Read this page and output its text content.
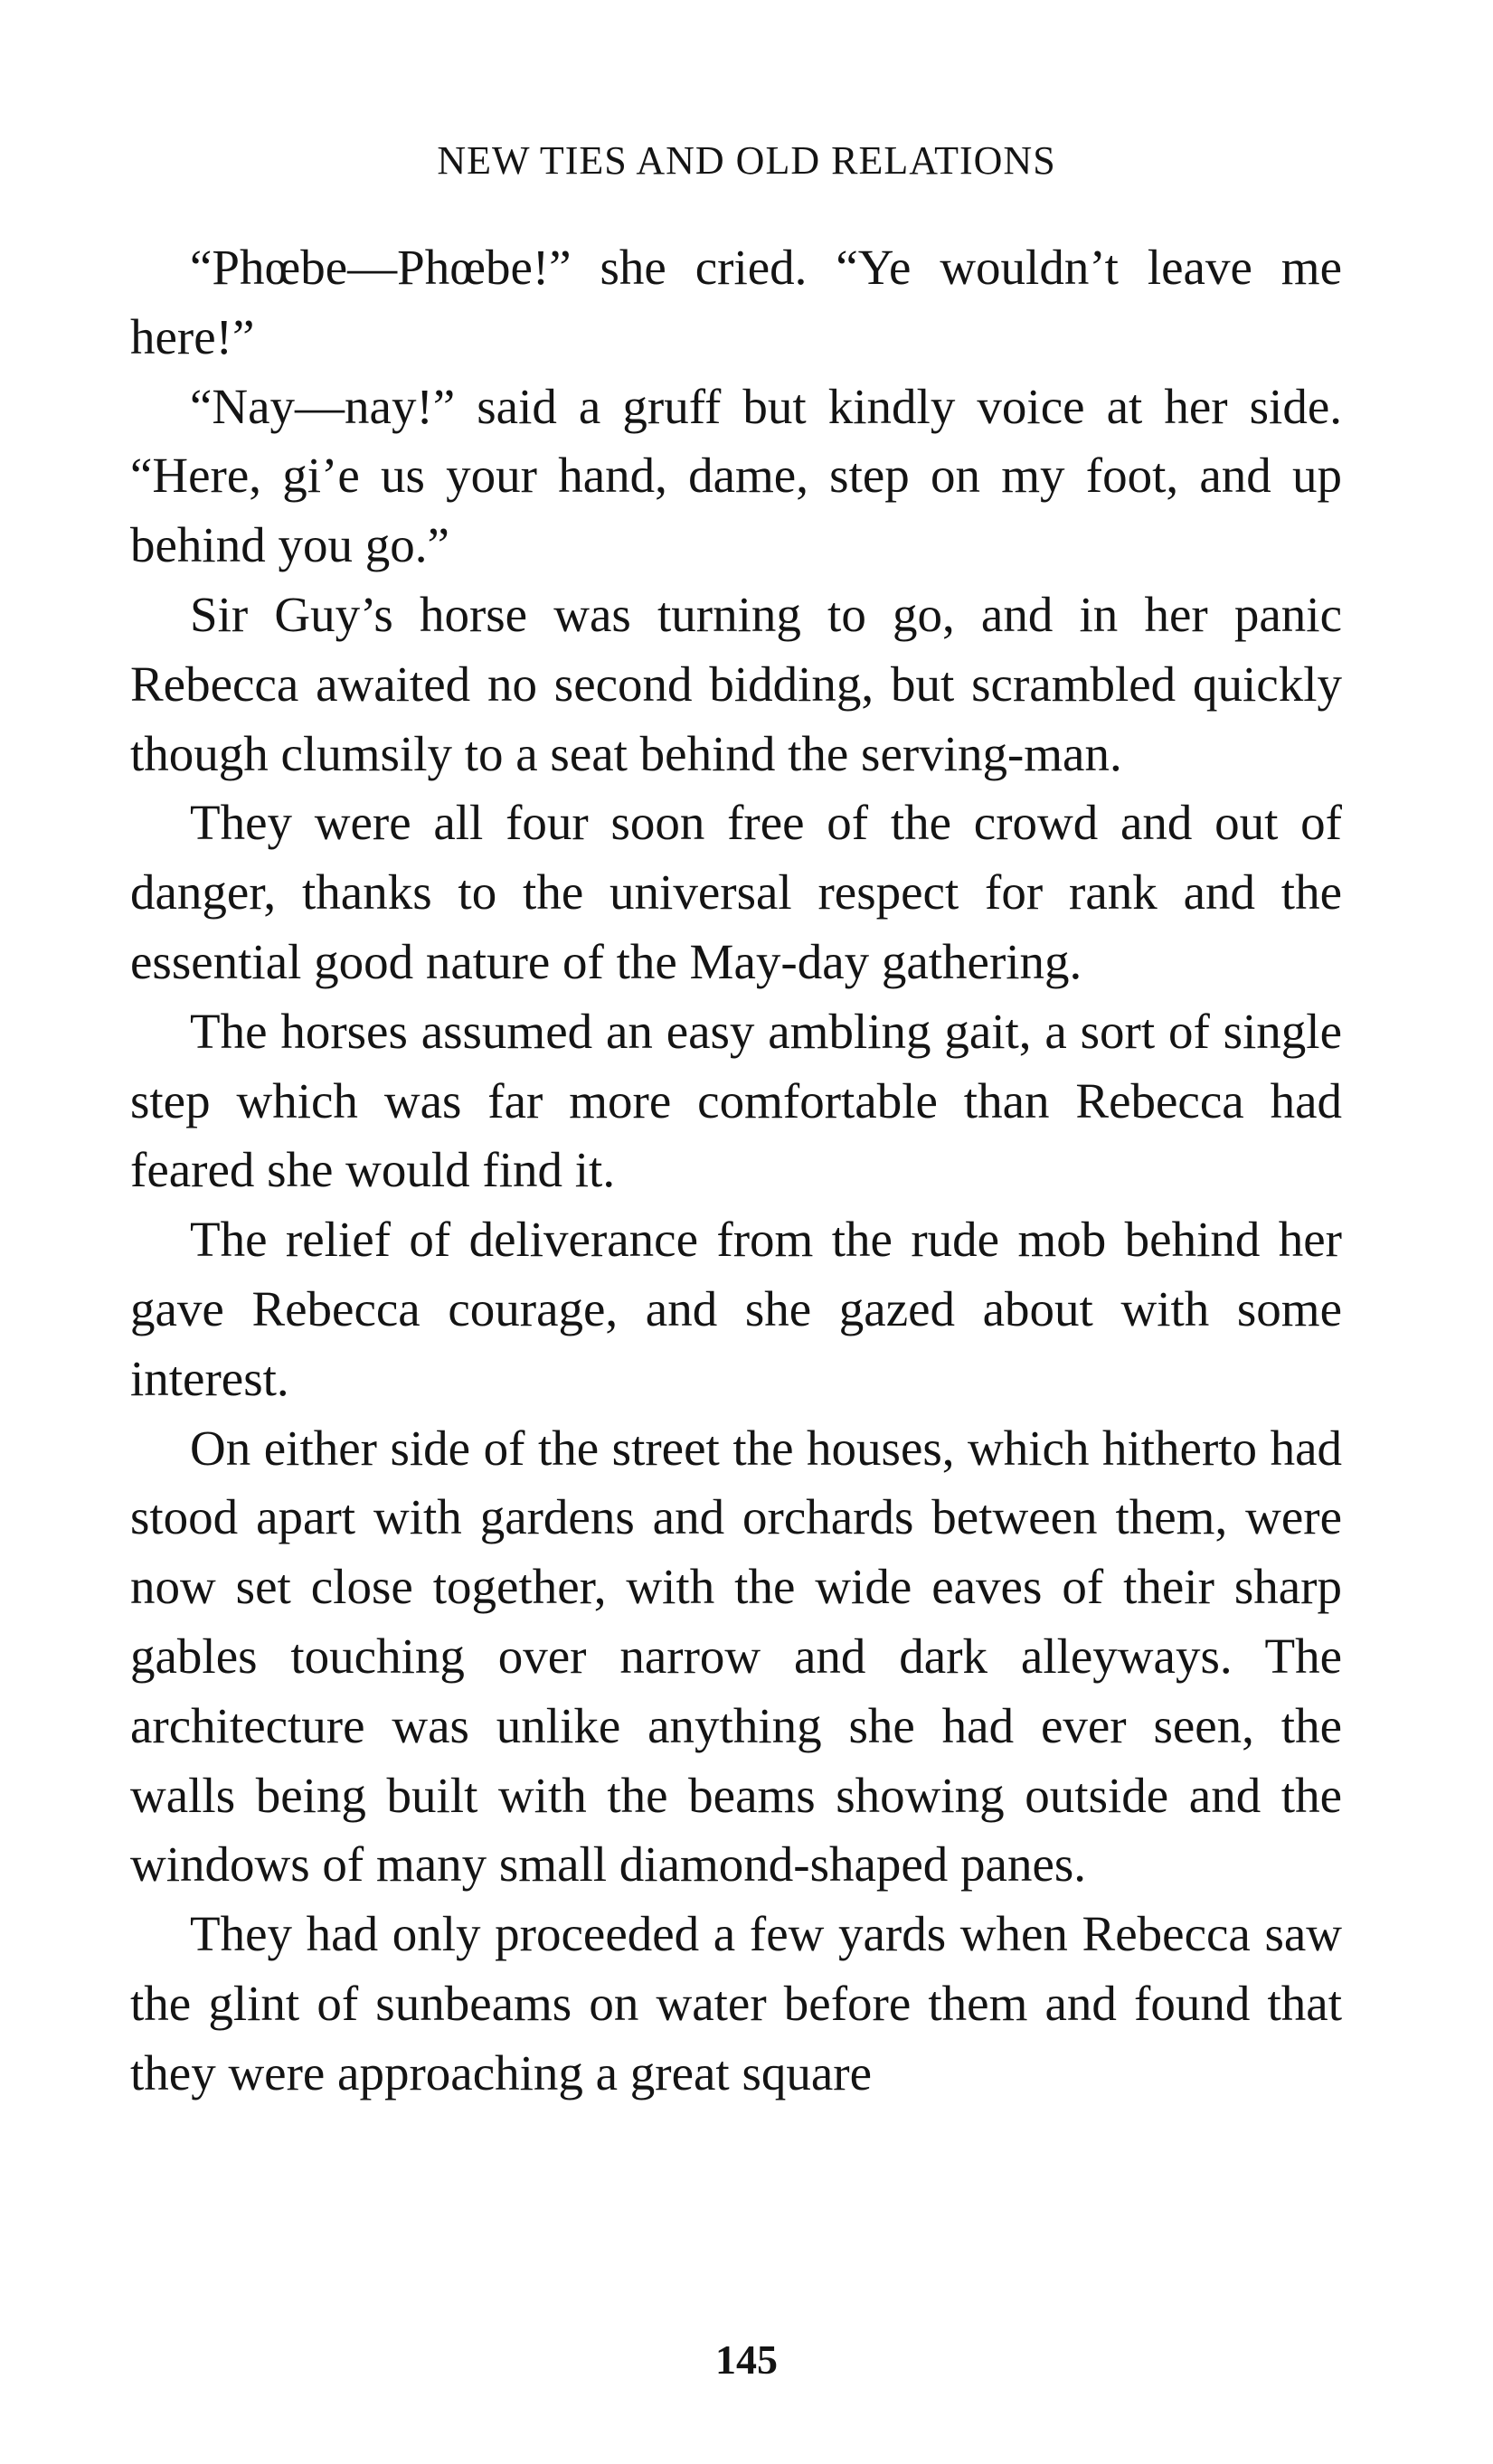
NEW TIES AND OLD RELATIONS

“Phœbe—Phœbe!” she cried. “Ye wouldn’t leave me here!”

“Nay—nay!” said a gruff but kindly voice at her side. “Here, gi’e us your hand, dame, step on my foot, and up behind you go.”

Sir Guy’s horse was turning to go, and in her panic Rebecca awaited no second bidding, but scrambled quickly though clumsily to a seat behind the serving-man.

They were all four soon free of the crowd and out of danger, thanks to the universal respect for rank and the essential good nature of the May-day gathering.

The horses assumed an easy ambling gait, a sort of single step which was far more comfortable than Rebecca had feared she would find it.

The relief of deliverance from the rude mob behind her gave Rebecca courage, and she gazed about with some interest.

On either side of the street the houses, which hitherto had stood apart with gardens and orchards between them, were now set close together, with the wide eaves of their sharp gables touching over narrow and dark alleyways. The architecture was unlike anything she had ever seen, the walls being built with the beams showing outside and the windows of many small diamond-shaped panes.

They had only proceeded a few yards when Rebecca saw the glint of sunbeams on water before them and found that they were approaching a great square

145
